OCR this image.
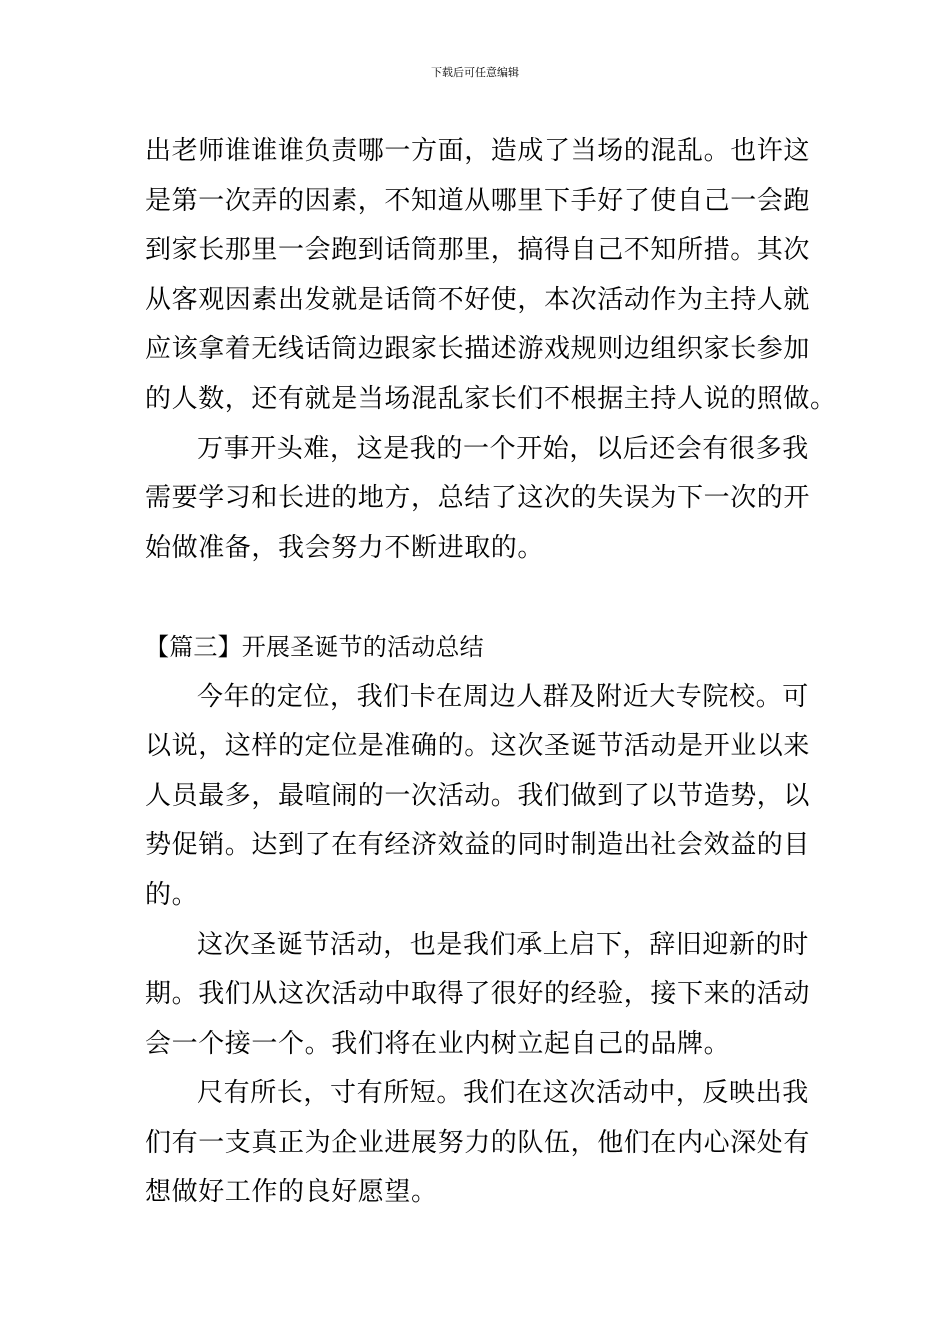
下载后可任意编辑
出老师谁谁谁负责哪一方面，造成了当场的混乱。也许这
是第一次弄的因素，不知道从哪里下手好了使自己一会跑
到家长那里一会跑到话筒那里，搞得自己不知所措。其次
从客观因素出发就是话筒不好使，本次活动作为主持人就
应该拿着无线话筒边跟家长描述游戏规则边组织家长参加
的人数，还有就是当场混乱家长们不根据主持人说的照做。
万事开头难，这是我的一个开始，以后还会有很多我
需要学习和长进的地方，总结了这次的失误为下一次的开
始做准备，我会努力不断进取的。
【篇三】开展圣诞节的活动总结
今年的定位，我们卡在周边人群及附近大专院校。可
以说，这样的定位是准确的。这次圣诞节活动是开业以来
人员最多，最喧闹的一次活动。我们做到了以节造势，以
势促销。达到了在有经济效益的同时制造出社会效益的目
的。
这次圣诞节活动，也是我们承上启下，辞旧迎新的时
期。我们从这次活动中取得了很好的经验，接下来的活动
会一个接一个。我们将在业内树立起自己的品牌。
尺有所长，寸有所短。我们在这次活动中，反映出我
们有一支真正为企业进展努力的队伍，他们在内心深处有
想做好工作的良好愿望。
